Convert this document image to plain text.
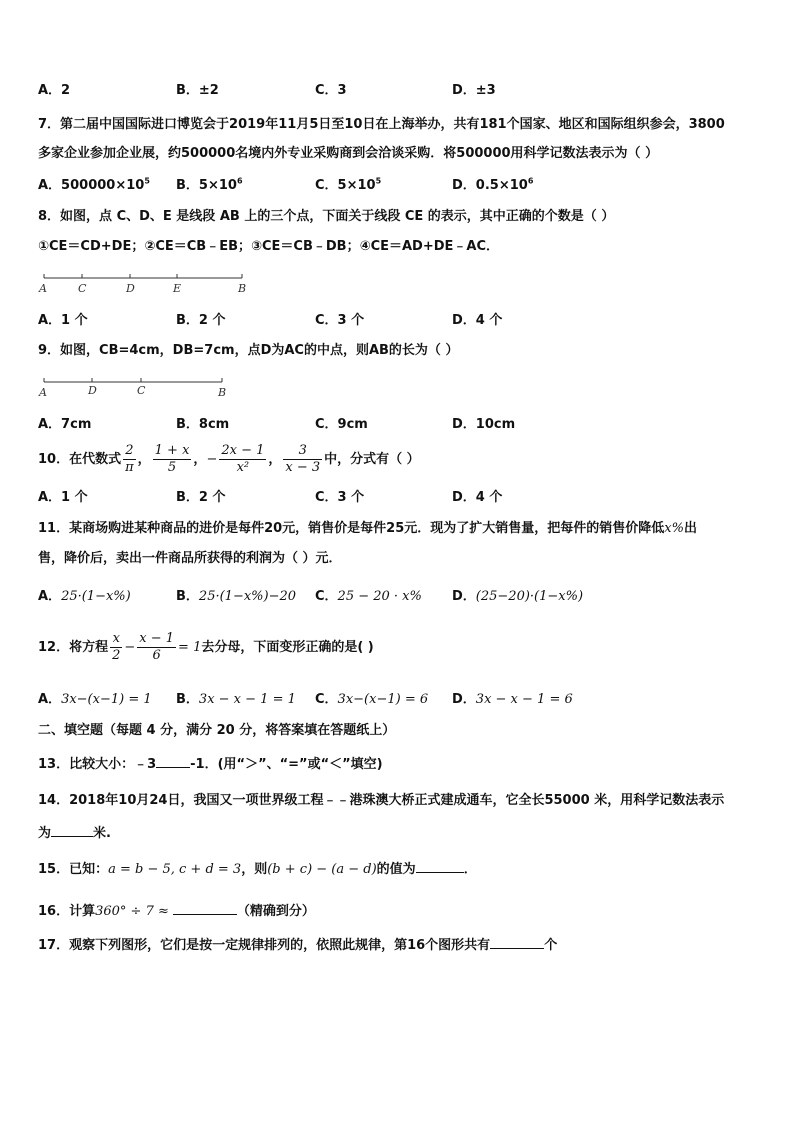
A．2	B．±2	C．3	D．±3
7．第二届中国国际进口博览会于2019年11月5日至10日在上海举办，共有181个国家、地区和国际组织参会，3800
多家企业参加企业展，约500000名境内外专业采购商到会洽谈采购．将500000用科学记数法表示为（ ）
A．$500000\times 10^5$ B．$5\times 10^6$	C．$5\times 10^5$	D．$0.5\times 10^6$
8．如图，点 C、D、E 是线段 AB 上的三个点，下面关于线段 CE 的表示，其中正确的个数是（ ）
①CE＝CD+DE；②CE＝CB﹣EB；③CE＝CB﹣DB；④CE＝AD+DE﹣AC．
A	C	D	E	B
A．1 个	B．2 个	C．3 个	D．4 个
9．如图，CB=4cm，DB=7cm，点D为AC的中点，则AB的长为（ ）
A	D	C	B
A．7cm	B．8cm	C．9cm	D．10cm
10．在代数式 $\frac{2}{\pi}$ ， $\frac{1 + x}{5}$ ，− $\frac{2x - 1}{\text{x²}}$ ， $\frac{3}{x - 3}$ 中，分式有（ ）
A．1 个	B．2 个	C．3 个	D．4 个
11．某商场购进某种商品的进价是每件20元，销售价是每件25元．现为了扩大销售量，把每件的销售价降低x%出
售，降价后，卖出一件商品所获得的利润为（ ）元．
A．25·(1−x%)	B．25·(1−x%)−20 C．25 − 20 · x% D．(25−20)·(1−x%)
12．将方程 $\frac{x}{2} - \frac{x - 1}{6} = 1$去分母，下面变形正确的是( )
A．3x−(x−1) = 1 B．3x − x − 1 = 1 C．3x−(x−1) = 6 D．3x − x − 1 = 6
二、填空题（每题 4 分，满分 20 分，将答案填在答题纸上）
13．比较大小：﹣3	-1．(用“＞”、“=”或“＜”填空)
14．2018年10月24日，我国又一项世界级工程﹣﹣港珠澳大桥正式建成通车，它全长55000 米，用科学记数法表示
为	米.
15．已知：a = b − 5, c + d = 3，则(b + c) − (a − d)的值为	．
16．计算360° ÷ 7 ≈	（精确到分）
17．观察下列图形，它们是按一定规律排列的，依照此规律，第16个图形共有	个
